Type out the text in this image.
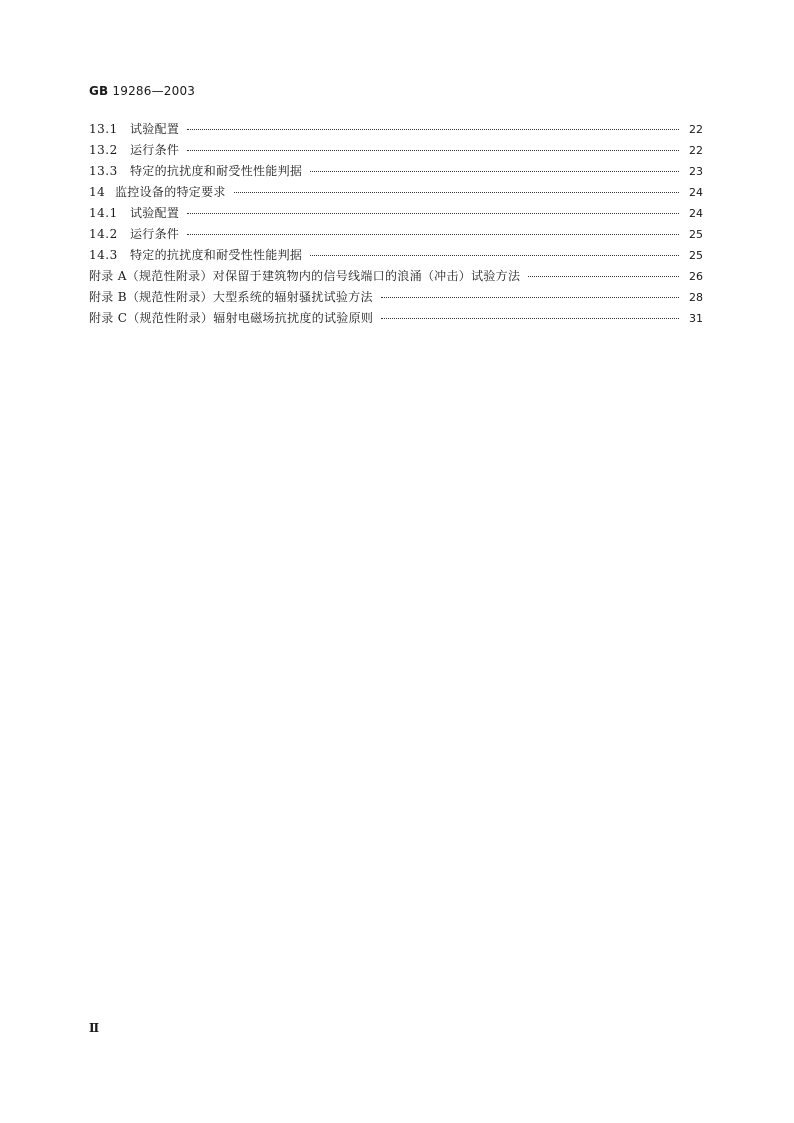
GB 19286—2003
13.1	试验配置	22
13.2	运行条件	22
13.3	特定的抗扰度和耐受性性能判据	23
14 监控设备的特定要求	24
14.1	试验配置	24
14.2	运行条件	25
14.3	特定的抗扰度和耐受性性能判据	25
附录 A（规范性附录）对保留于建筑物内的信号线端口的浪涌（冲击）试验方法	26
附录 B（规范性附录）大型系统的辐射骚扰试验方法	28
附录 C（规范性附录）辐射电磁场抗扰度的试验原则	31
Ⅱ
